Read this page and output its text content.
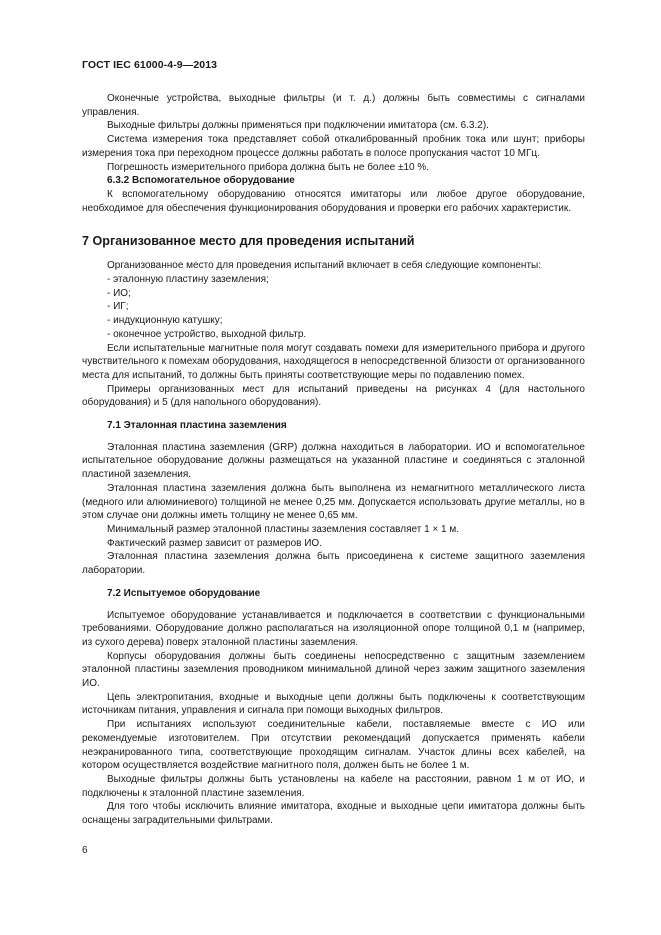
ГОСТ IEC 61000-4-9—2013

Оконечные устройства, выходные фильтры (и т. д.) должны быть совместимы с сигналами управления.

Выходные фильтры должны применяться при подключении имитатора (см. 6.3.2).

Система измерения тока представляет собой откалиброванный пробник тока или шунт; приборы измерения тока при переходном процессе должны работать в полосе пропускания частот 10 МГц.

Погрешность измерительного прибора должна быть не более ±10 %.

6.3.2 Вспомогательное оборудование

К вспомогательному оборудованию относятся имитаторы или любое другое оборудование, необходимое для обеспечения функционирования оборудования и проверки его рабочих характеристик.

7 Организованное место для проведения испытаний

Организованное место для проведения испытаний включает в себя следующие компоненты:

- эталонную пластину заземления;

- ИО;

- ИГ;

- индукционную катушку;

- оконечное устройство, выходной фильтр.

Если испытательные магнитные поля могут создавать помехи для измерительного прибора и другого чувствительного к помехам оборудования, находящегося в непосредственной близости от организованного места для испытаний, то должны быть приняты соответствующие меры по подавлению помех.

Примеры организованных мест для испытаний приведены на рисунках 4 (для настольного оборудования) и 5 (для напольного оборудования).

7.1 Эталонная пластина заземления

Эталонная пластина заземления (GRP) должна находиться в лаборатории. ИО и вспомогательное испытательное оборудование должны размещаться на указанной пластине и соединяться с эталонной пластиной заземления.

Эталонная пластина заземления должна быть выполнена из немагнитного металлического листа (медного или алюминиевого) толщиной не менее 0,25 мм. Допускается использовать другие металлы, но в этом случае они должны иметь толщину не менее 0,65 мм.

Минимальный размер эталонной пластины заземления составляет 1 × 1 м.

Фактический размер зависит от размеров ИО.

Эталонная пластина заземления должна быть присоединена к системе защитного заземления лаборатории.

7.2 Испытуемое оборудование

Испытуемое оборудование устанавливается и подключается в соответствии с функциональными требованиями. Оборудование должно располагаться на изоляционной опоре толщиной 0,1 м (например, из сухого дерева) поверх эталонной пластины заземления.

Корпусы оборудования должны быть соединены непосредственно с защитным заземлением эталонной пластины заземления проводником минимальной длиной через зажим защитного заземления ИО.

Цепь электропитания, входные и выходные цепи должны быть подключены к соответствующим источникам питания, управления и сигнала при помощи выходных фильтров.

При испытаниях используют соединительные кабели, поставляемые вместе с ИО или рекомендуемые изготовителем. При отсутствии рекомендаций допускается применять кабели неэкранированного типа, соответствующие проходящим сигналам. Участок длины всех кабелей, на котором осуществляется воздействие магнитного поля, должен быть не более 1 м.

Выходные фильтры должны быть установлены на кабеле на расстоянии, равном 1 м от ИО, и подключены к эталонной пластине заземления.

Для того чтобы исключить влияние имитатора, входные и выходные цепи имитатора должны быть оснащены заградительными фильтрами.

6
